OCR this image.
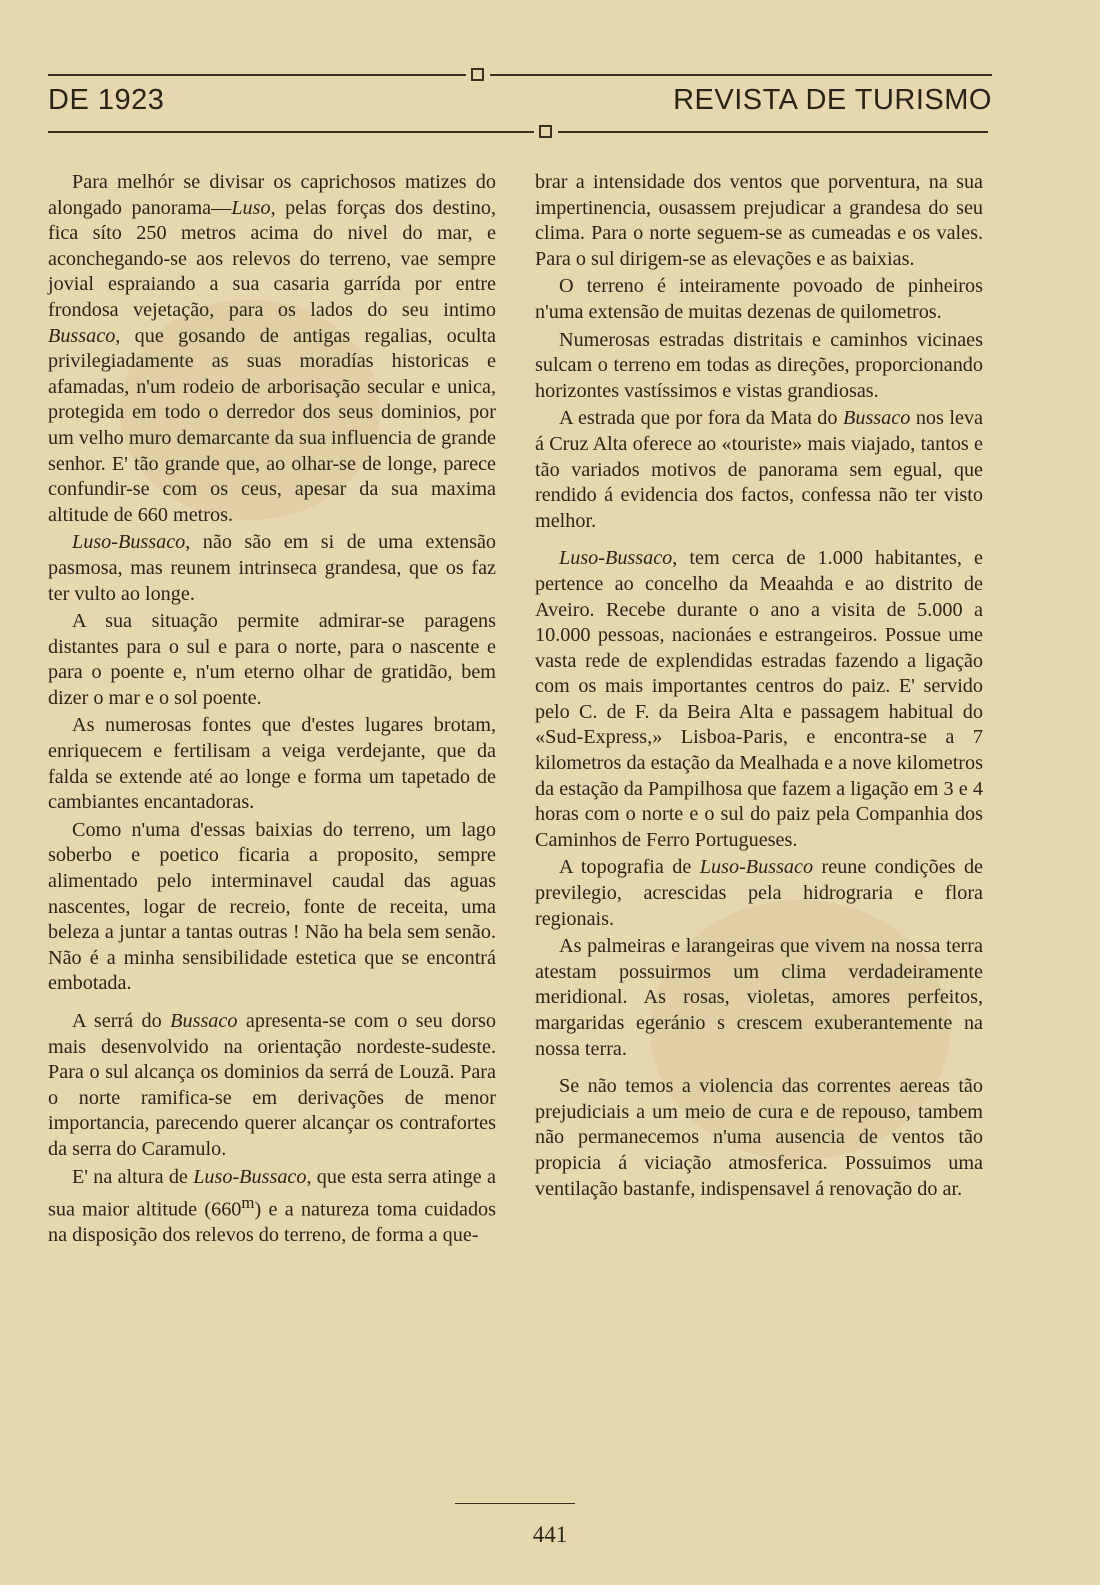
DE 1923	REVISTA DE TURISMO

Para melhór se divisar os caprichosos matizes do alongado panorama—Luso, pelas forças dos destino, fica síto 250 metros acima do nivel do mar, e aconchegando-se aos relevos do terreno, vae sempre jovial espraiando a sua casaria garrída por entre frondosa vejetação, para os lados do seu intimo Bussaco, que gosando de antigas regalias, oculta privilegiadamente as suas moradías historicas e afamadas, n'um rodeio de arborisação secular e unica, protegida em todo o derredor dos seus dominios, por um velho muro demarcante da sua influencia de grande senhor. E' tão grande que, ao olhar-se de longe, parece confundir-se com os ceus, apesar da sua maxima altitude de 660 metros.

Luso-Bussaco, não são em si de uma extensão pasmosa, mas reunem intrinseca grandesa, que os faz ter vulto ao longe.

A sua situação permite admirar-se paragens distantes para o sul e para o norte, para o nascente e para o poente e, n'um eterno olhar de gratidão, bem dizer o mar e o sol poente.

As numerosas fontes que d'estes lugares brotam, enriquecem e fertilisam a veiga verdejante, que da falda se extende até ao longe e forma um tapetado de cambiantes encantadoras.

Como n'uma d'essas baixias do terreno, um lago soberbo e poetico ficaria a proposito, sempre alimentado pelo interminavel caudal das aguas nascentes, logar de recreio, fonte de receita, uma beleza a juntar a tantas outras ! Não ha bela sem senão. Não é a minha sensibilidade estetica que se encontrá embotada.

A serrá do Bussaco apresenta-se com o seu dorso mais desenvolvido na orientação nordeste-sudeste. Para o sul alcança os dominios da serrá de Louzã. Para o norte ramifica-se em derivações de menor importancia, parecendo querer alcançar os contrafortes da serra do Caramulo.

E' na altura de Luso-Bussaco, que esta serra atinge a sua maior altitude (660$^m$) e a natureza toma cuidados na disposição dos relevos do terreno, de forma a que-

brar a intensidade dos ventos que porventura, na sua impertinencia, ousassem prejudicar a grandesa do seu clima. Para o norte seguem-se as cumeadas e os vales. Para o sul dirigem-se as elevações e as baixias.

O terreno é inteiramente povoado de pinheiros n'uma extensão de muitas dezenas de quilometros.

Numerosas estradas distritais e caminhos vicinaes sulcam o terreno em todas as direções, proporcionando horizontes vastíssimos e vistas grandiosas.

A estrada que por fora da Mata do Bussaco nos leva á Cruz Alta oferece ao «touriste» mais viajado, tantos e tão variados motivos de panorama sem egual, que rendido á evidencia dos factos, confessa não ter visto melhor.

Luso-Bussaco, tem cerca de 1.000 habitantes, e pertence ao concelho da Meaahda e ao distrito de Aveiro. Recebe durante o ano a visita de 5.000 a 10.000 pessoas, nacionáes e estrangeiros. Possue ume vasta rede de explendidas estradas fazendo a ligação com os mais importantes centros do paiz. E' servido pelo C. de F. da Beira Alta e passagem habitual do «Sud-Express,» Lisboa-Paris, e encontra-se a 7 kilometros da estação da Mealhada e a nove kilometros da estação da Pampilhosa que fazem a ligação em 3 e 4 horas com o norte e o sul do paiz pela Companhia dos Caminhos de Ferro Portugueses.

A topografia de Luso-Bussaco reune condições de previlegio, acrescidas pela hidrograria e flora regionais.

As palmeiras e larangeiras que vivem na nossa terra atestam possuirmos um clima verdadeiramente meridional. As rosas, violetas, amores perfeitos, margaridas egeránio s crescem exuberantemente na nossa terra.

Se não temos a violencia das correntes aereas tão prejudiciais a um meio de cura e de repouso, tambem não permanecemos n'uma ausencia de ventos tão propicia á viciação atmosferica. Possuimos uma ventilação bastanfe, indispensavel á renovação do ar.

441
